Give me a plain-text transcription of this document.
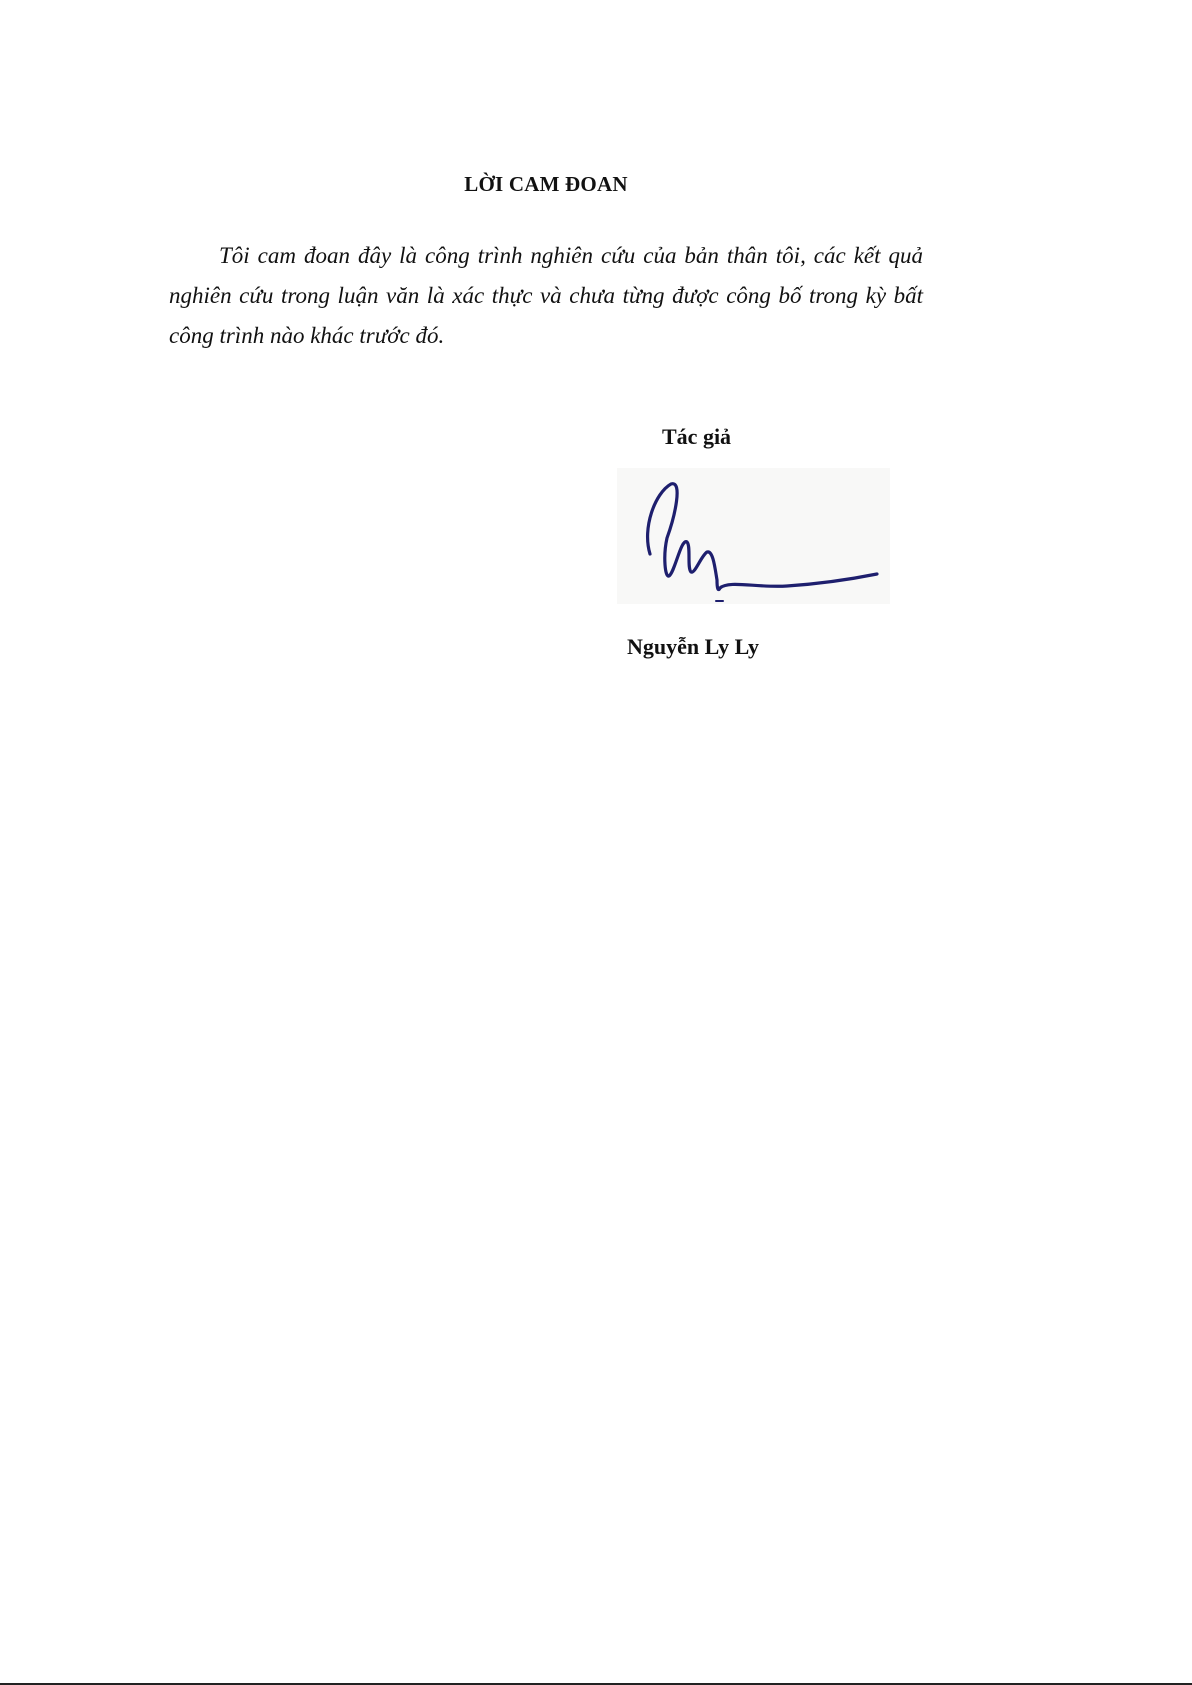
LỜI CAM ĐOAN

Tôi cam đoan đây là công trình nghiên cứu của bản thân tôi, các kết quả nghiên cứu trong luận văn là xác thực và chưa từng được công bố trong kỳ bất công trình nào khác trước đó.

Tác giả
Nguyễn Ly Ly
